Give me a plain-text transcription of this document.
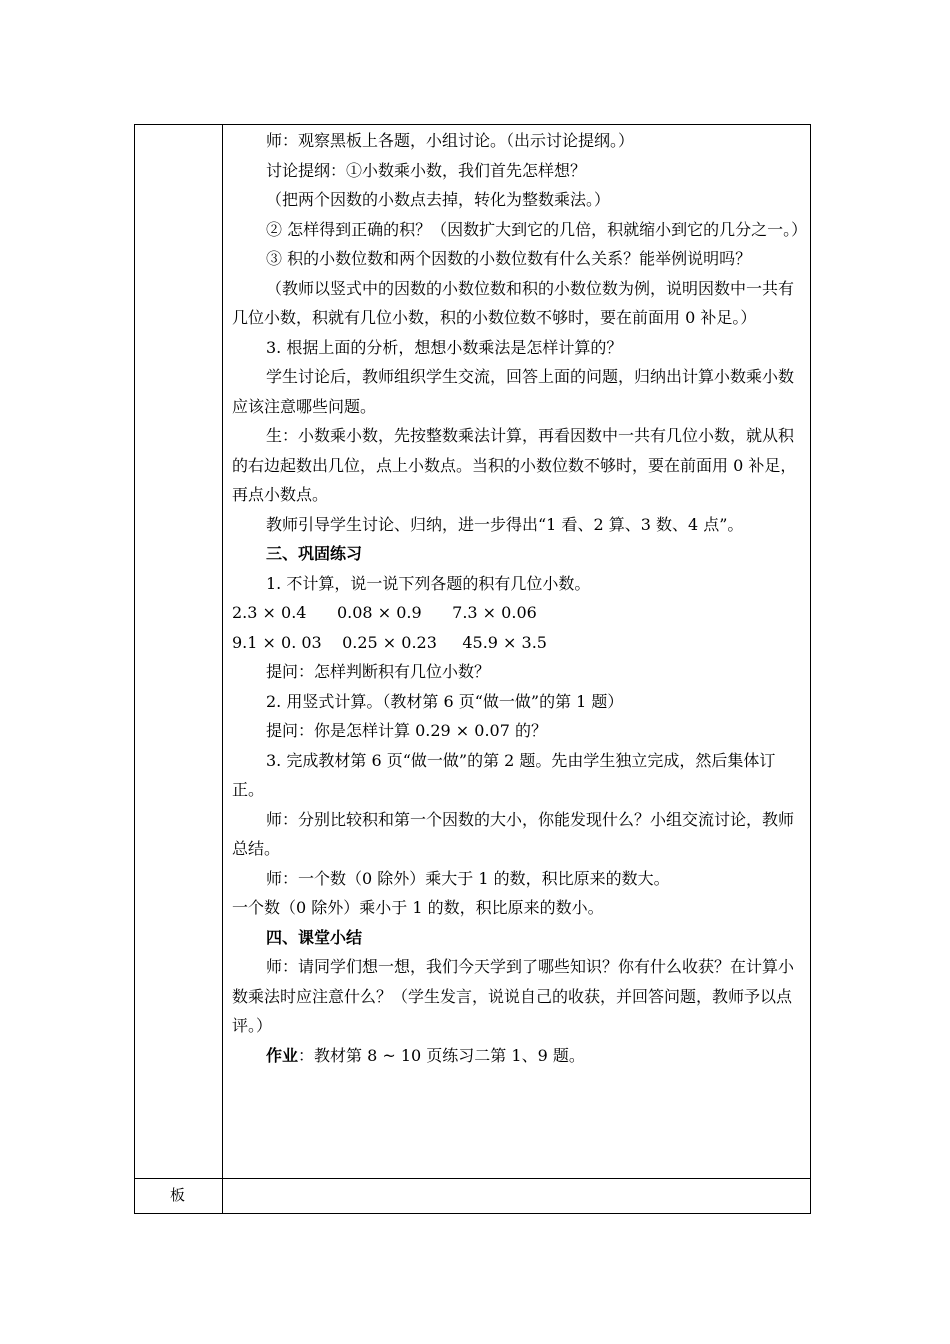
板

师：观察黑板上各题，小组讨论。（出示讨论提纲。）

讨论提纲：①小数乘小数，我们首先怎样想？

（把两个因数的小数点去掉，转化为整数乘法。）

② 怎样得到正确的积？（因数扩大到它的几倍，积就缩小到它的几分之一。）

③ 积的小数位数和两个因数的小数位数有什么关系？能举例说明吗？

（教师以竖式中的因数的小数位数和积的小数位数为例，说明因数中一共有几位小数，积就有几位小数，积的小数位数不够时，要在前面用 0 补足。）

3. 根据上面的分析，想想小数乘法是怎样计算的？

学生讨论后，教师组织学生交流，回答上面的问题，归纳出计算小数乘小数应该注意哪些问题。

生：小数乘小数，先按整数乘法计算，再看因数中一共有几位小数，就从积的右边起数出几位，点上小数点。当积的小数位数不够时，要在前面用 0 补足，再点小数点。

教师引导学生讨论、归纳，进一步得出“1 看、2 算、3 数、4 点”。

三、巩固练习

1. 不计算，说一说下列各题的积有几位小数。

2.3 × 0.4      0.08 × 0.9      7.3 × 0.06

9.1 × 0. 03    0.25 × 0.23     45.9 × 3.5

提问：怎样判断积有几位小数？

2. 用竖式计算。（教材第 6 页“做一做”的第 1 题）

提问：你是怎样计算 0.29 × 0.07 的？

3. 完成教材第 6 页“做一做”的第 2 题。先由学生独立完成，然后集体订正。

师：分别比较积和第一个因数的大小，你能发现什么？小组交流讨论，教师总结。

师：一个数（0 除外）乘大于 1 的数，积比原来的数大。

一个数（0 除外）乘小于 1 的数，积比原来的数小。

四、课堂小结

师：请同学们想一想，我们今天学到了哪些知识？你有什么收获？在计算小数乘法时应注意什么？（学生发言，说说自己的收获，并回答问题，教师予以点评。）

作业：教材第 8 ~ 10 页练习二第 1、9 题。
